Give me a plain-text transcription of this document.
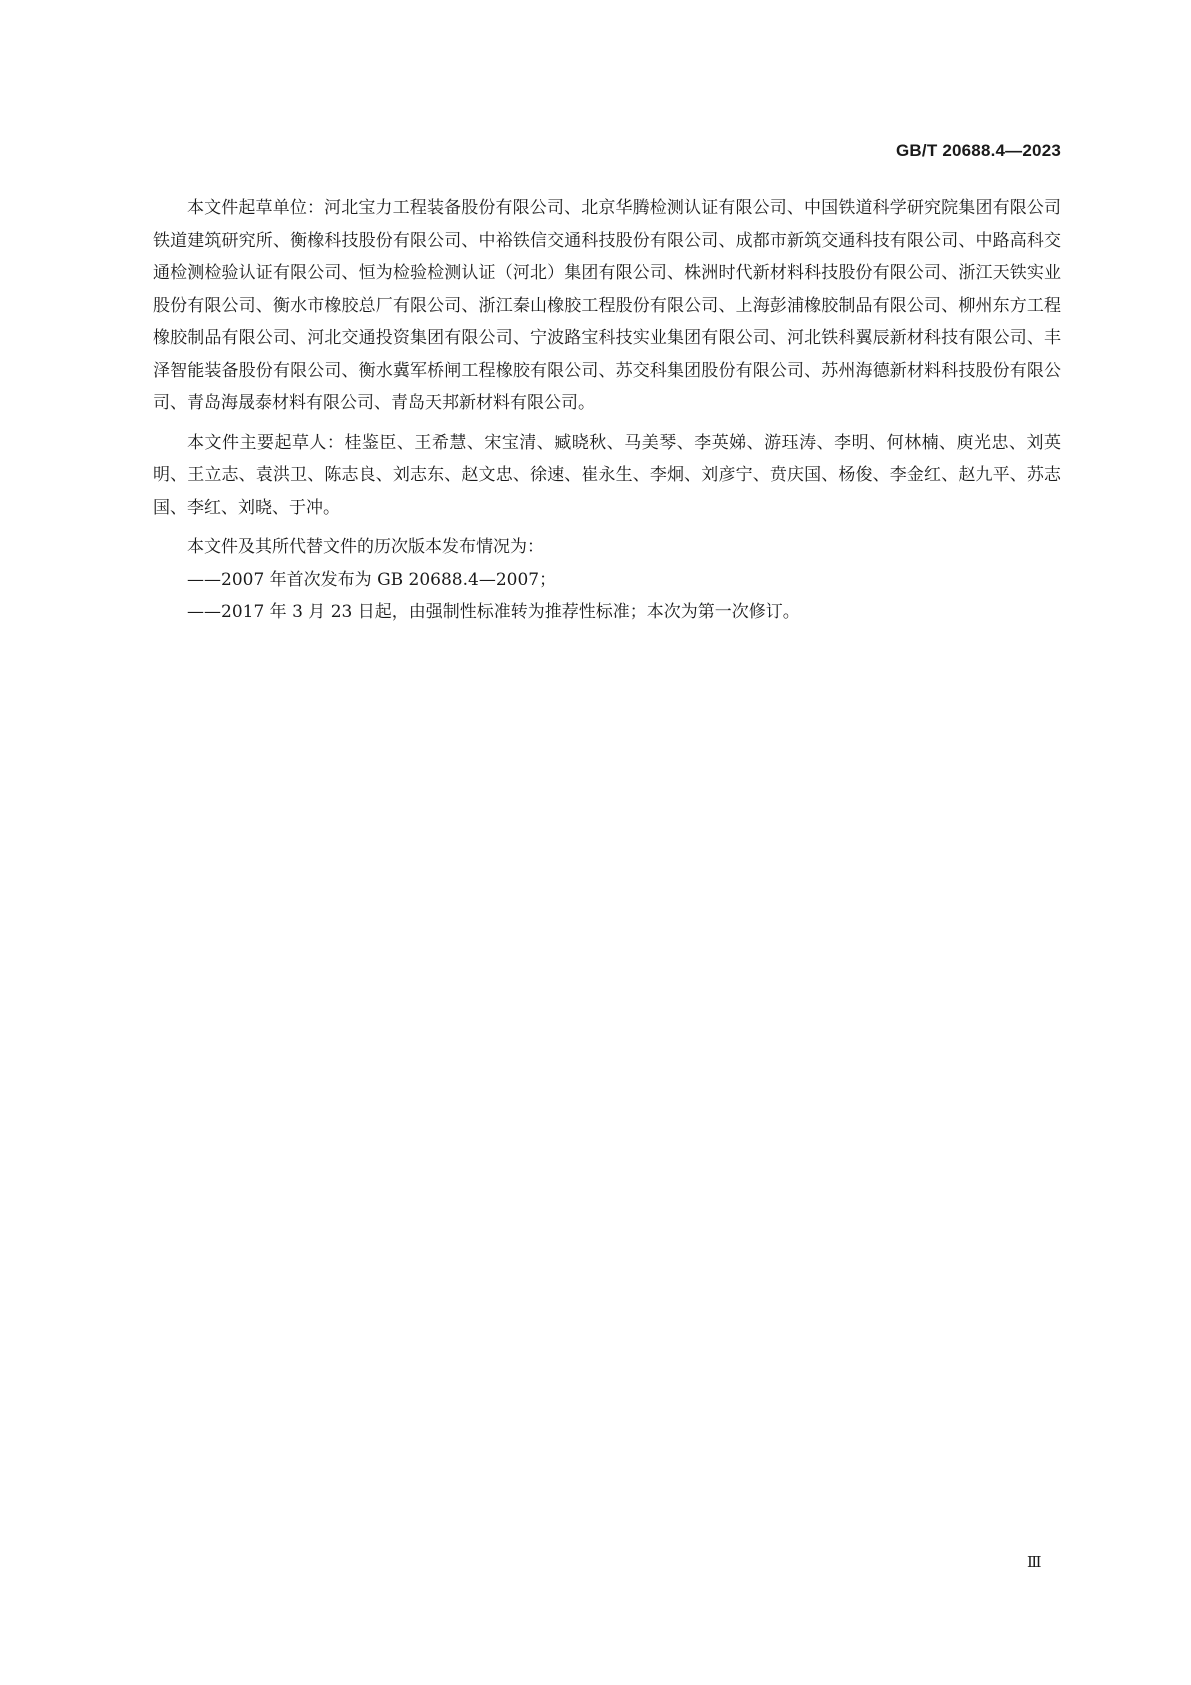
GB/T 20688.4—2023

本文件起草单位：河北宝力工程装备股份有限公司、北京华腾检测认证有限公司、中国铁道科学研究院集团有限公司铁道建筑研究所、衡橡科技股份有限公司、中裕铁信交通科技股份有限公司、成都市新筑交通科技有限公司、中路高科交通检测检验认证有限公司、恒为检验检测认证（河北）集团有限公司、株洲时代新材料科技股份有限公司、浙江天铁实业股份有限公司、衡水市橡胶总厂有限公司、浙江秦山橡胶工程股份有限公司、上海彭浦橡胶制品有限公司、柳州东方工程橡胶制品有限公司、河北交通投资集团有限公司、宁波路宝科技实业集团有限公司、河北铁科翼辰新材科技有限公司、丰泽智能装备股份有限公司、衡水冀军桥闸工程橡胶有限公司、苏交科集团股份有限公司、苏州海德新材料科技股份有限公司、青岛海晟泰材料有限公司、青岛天邦新材料有限公司。

本文件主要起草人：桂鉴臣、王希慧、宋宝清、臧晓秋、马美琴、李英娣、游珏涛、李明、何林楠、庾光忠、刘英明、王立志、袁洪卫、陈志良、刘志东、赵文忠、徐速、崔永生、李炯、刘彦宁、贲庆国、杨俊、李金红、赵九平、苏志国、李红、刘晓、于冲。

本文件及其所代替文件的历次版本发布情况为：

——2007 年首次发布为 GB 20688.4—2007；

——2017 年 3 月 23 日起，由强制性标准转为推荐性标准；本次为第一次修订。

Ⅲ
